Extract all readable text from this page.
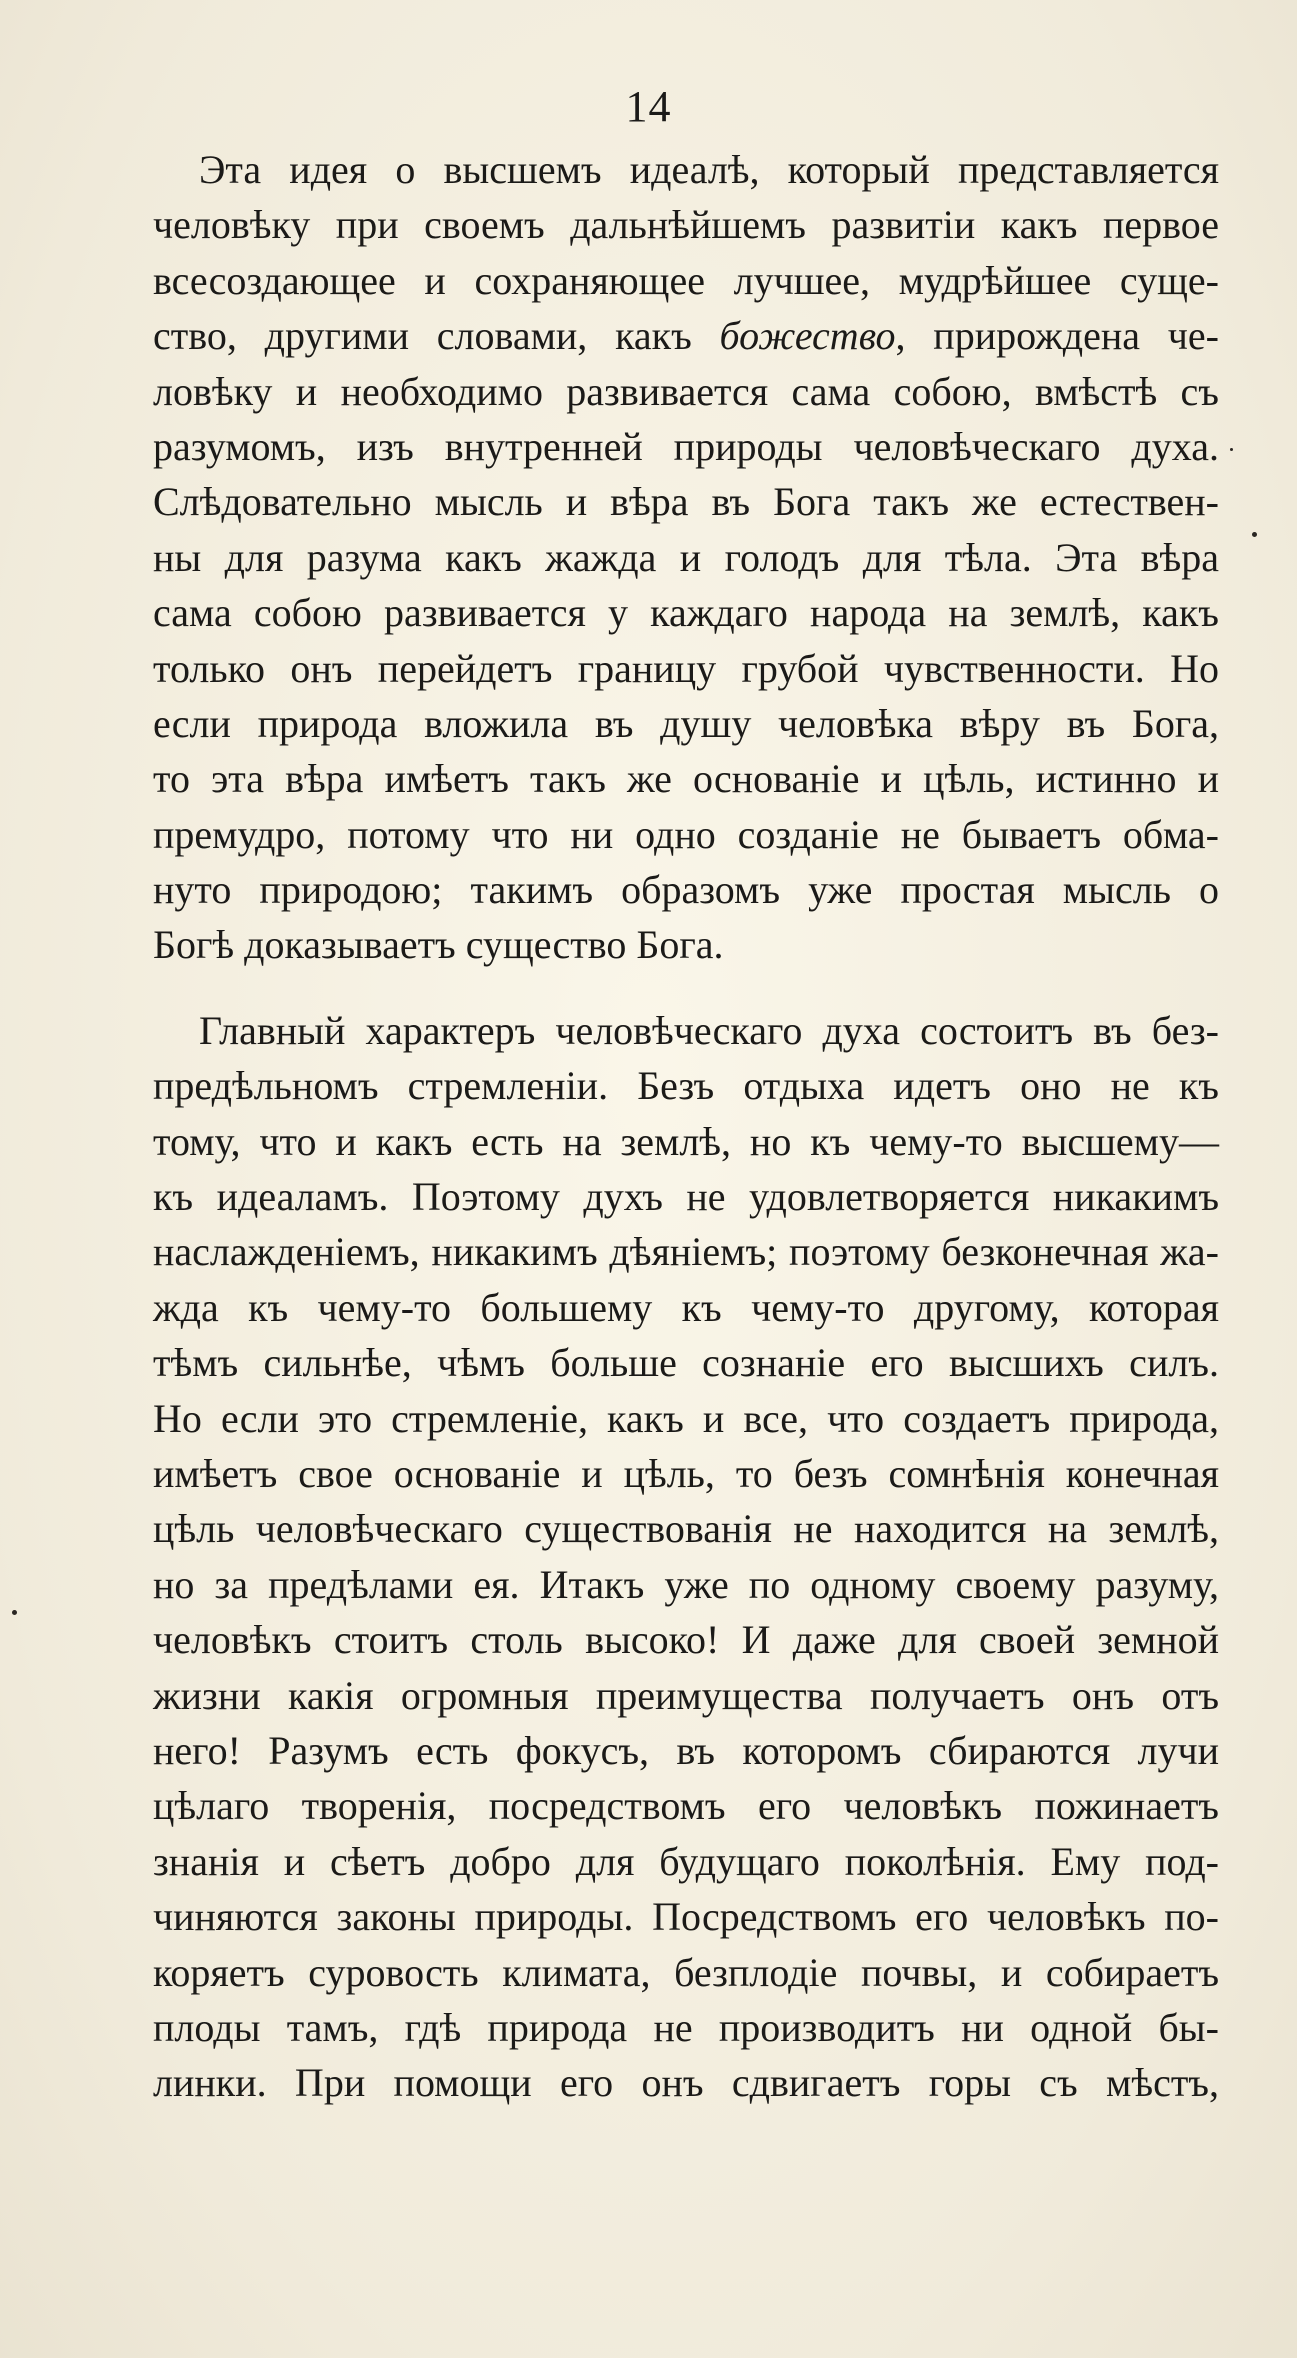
14
Эта идея о высшемъ идеалѣ, который представляется
человѣку при своемъ дальнѣйшемъ развитіи какъ первое
всесоздающее и сохраняющее лучшее, мудрѣйшее суще-
ство, другими словами, какъ божество, прирождена че-
ловѣку и необходимо развивается сама собою, вмѣстѣ съ
разумомъ, изъ внутренней природы человѣческаго духа.
Слѣдовательно мысль и вѣра въ Бога такъ же естествен-
ны для разума какъ жажда и голодъ для тѣла. Эта вѣра
сама собою развивается у каждаго народа на землѣ, какъ
только онъ перейдетъ границу грубой чувственности. Но
если природа вложила въ душу человѣка вѣру въ Бога,
то эта вѣра имѣетъ такъ же основаніе и цѣль, истинно и
премудро, потому что ни одно созданіе не бываетъ обма-
нуто природою; такимъ образомъ уже простая мысль о
Богѣ доказываетъ существо Бога.
Главный характеръ человѣческаго духа состоитъ въ без-
предѣльномъ стремленіи. Безъ отдыха идетъ оно не къ
тому, что и какъ есть на землѣ, но къ чему-то высшему—
къ идеаламъ. Поэтому духъ не удовлетворяется никакимъ
наслажденіемъ, никакимъ дѣяніемъ; поэтому безконечная жа-
жда къ чему-то большему къ чему-то другому, которая
тѣмъ сильнѣе, чѣмъ больше сознаніе его высшихъ силъ.
Но если это стремленіе, какъ и все, что создаетъ природа,
имѣетъ свое основаніе и цѣль, то безъ сомнѣнія конечная
цѣль человѣческаго существованія не находится на землѣ,
но за предѣлами ея. Итакъ уже по одному своему разуму,
человѣкъ стоитъ столь высоко! И даже для своей земной
жизни какія огромныя преимущества получаетъ онъ отъ
него! Разумъ есть фокусъ, въ которомъ сбираются лучи
цѣлаго творенія, посредствомъ его человѣкъ пожинаетъ
знанія и сѣетъ добро для будущаго поколѣнія. Ему под-
чиняются законы природы. Посредствомъ его человѣкъ по-
коряетъ суровость климата, безплодіе почвы, и собираетъ
плоды тамъ, гдѣ природа не производитъ ни одной бы-
линки. При помощи его онъ сдвигаетъ горы съ мѣстъ,
